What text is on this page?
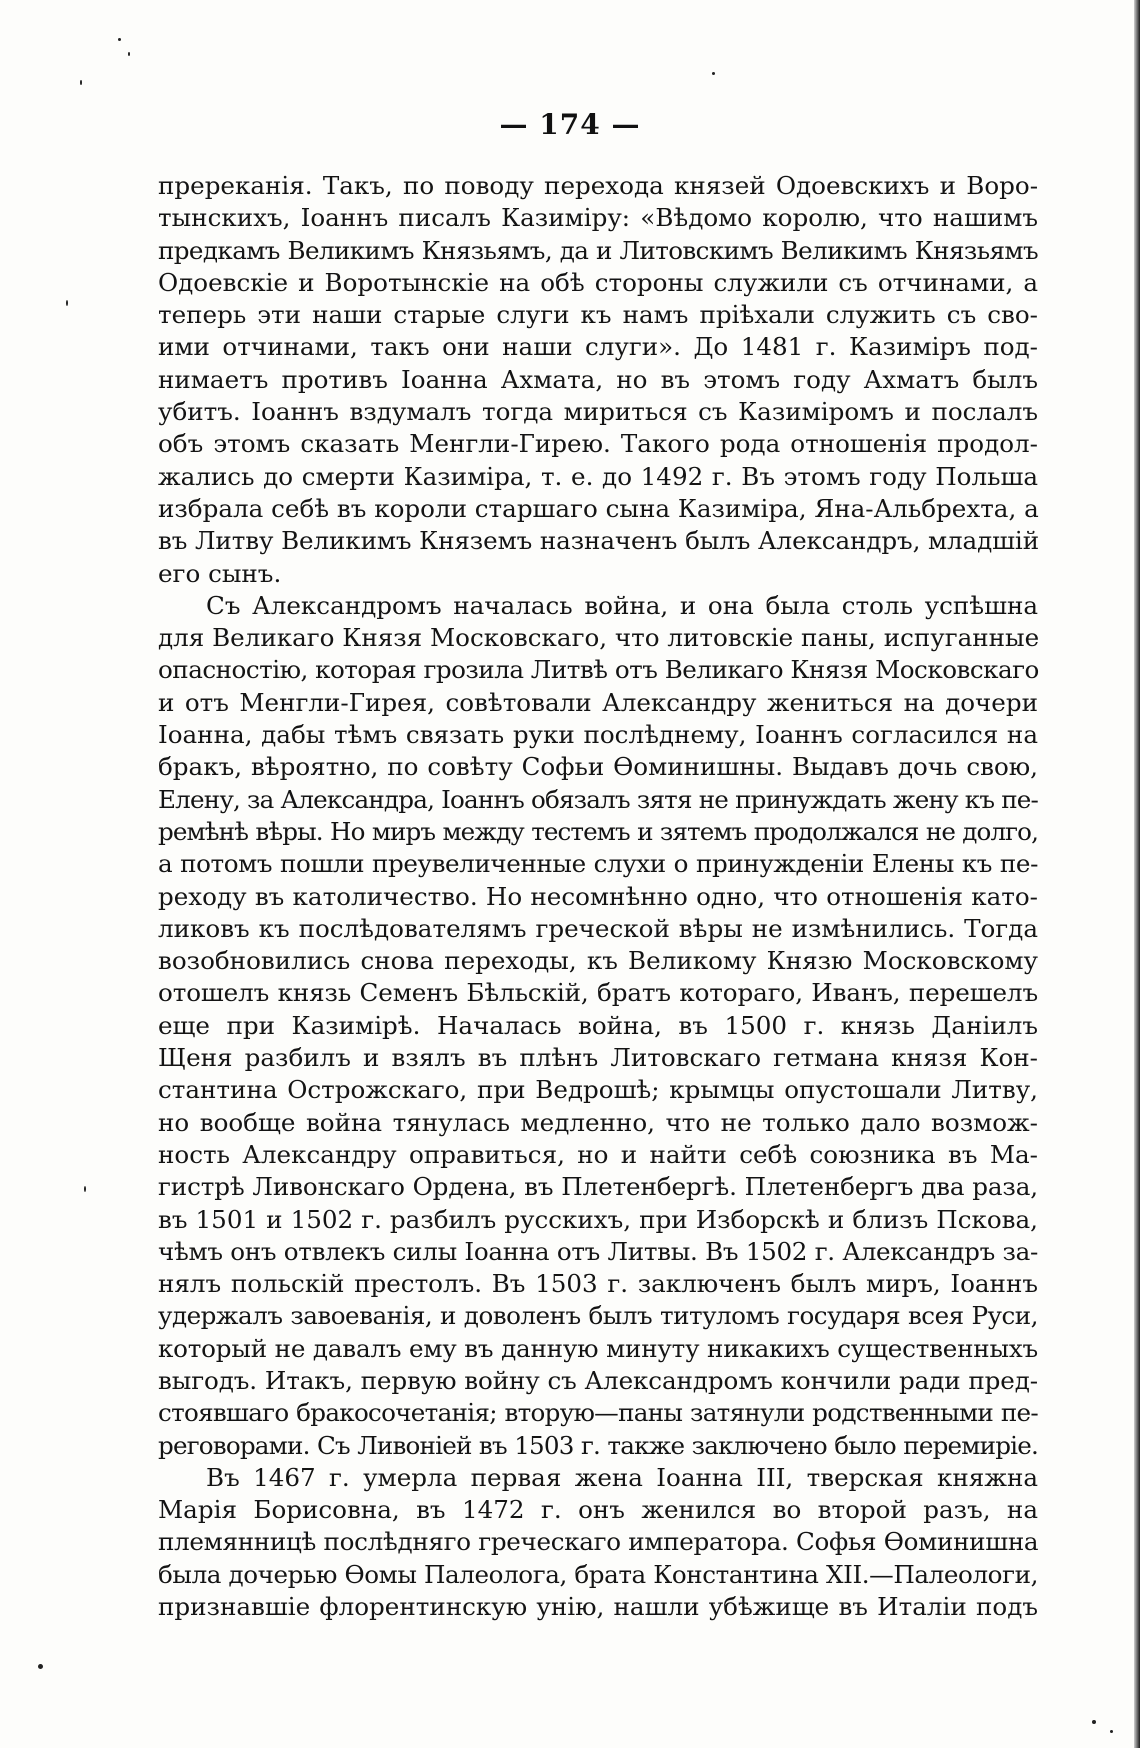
— 174 —
пререканія. Такъ, по поводу перехода князей Одоевскихъ и Воро-
тынскихъ, Іоаннъ писалъ Казиміру: «Вѣдомо королю, что нашимъ
предкамъ Великимъ Князьямъ, да и Литовскимъ Великимъ Князьямъ
Одоевскіе и Воротынскіе на обѣ стороны служили съ отчинами, а
теперь эти наши старые слуги къ намъ пріѣхали служить съ сво-
ими отчинами, такъ они наши слуги». До 1481 г. Казиміръ под-
нимаетъ противъ Іоанна Ахмата, но въ этомъ году Ахматъ былъ
убитъ. Іоаннъ вздумалъ тогда мириться съ Казиміромъ и послалъ
объ этомъ сказать Менгли-Гирею. Такого рода отношенія продол-
жались до смерти Казиміра, т. е. до 1492 г. Въ этомъ году Польша
избрала себѣ въ короли старшаго сына Казиміра, Яна-Альбрехта, а
въ Литву Великимъ Княземъ назначенъ былъ Александръ, младшій
его сынъ.
Съ Александромъ началась война, и она была столь успѣшна
для Великаго Князя Московскаго, что литовскіе паны, испуганные
опасностію, которая грозила Литвѣ отъ Великаго Князя Московскаго
и отъ Менгли-Гирея, совѣтовали Александру жениться на дочери
Іоанна, дабы тѣмъ связать руки послѣднему, Іоаннъ согласился на
бракъ, вѣроятно, по совѣту Софьи Ѳоминишны. Выдавъ дочь свою,
Елену, за Александра, Іоаннъ обязалъ зятя не принуждать жену къ пе-
ремѣнѣ вѣры. Но миръ между тестемъ и зятемъ продолжался не долго,
а потомъ пошли преувеличенные слухи о принужденіи Елены къ пе-
реходу въ католичество. Но несомнѣнно одно, что отношенія като-
ликовъ къ послѣдователямъ греческой вѣры не измѣнились. Тогда
возобновились снова переходы, къ Великому Князю Московскому
отошелъ князь Семенъ Бѣльскій, братъ котораго, Иванъ, перешелъ
еще при Казимірѣ. Началась война, въ 1500 г. князь Даніилъ
Щеня разбилъ и взялъ въ плѣнъ Литовскаго гетмана князя Кон-
стантина Острожскаго, при Ведрошѣ; крымцы опустошали Литву,
но вообще война тянулась медленно, что не только дало возмож-
ность Александру оправиться, но и найти себѣ союзника въ Ма-
гистрѣ Ливонскаго Ордена, въ Плетенбергѣ. Плетенбергъ два раза,
въ 1501 и 1502 г. разбилъ русскихъ, при Изборскѣ и близъ Пскова,
чѣмъ онъ отвлекъ силы Іоанна отъ Литвы. Въ 1502 г. Александръ за-
нялъ польскій престолъ. Въ 1503 г. заключенъ былъ миръ, Іоаннъ
удержалъ завоеванія, и доволенъ былъ титуломъ государя всея Руси,
который не давалъ ему въ данную минуту никакихъ существенныхъ
выгодъ. Итакъ, первую войну съ Александромъ кончили ради пред-
стоявшаго бракосочетанія; вторую—паны затянули родственными пе-
реговорами. Съ Ливоніей въ 1503 г. также заключено было перемиріе.
Въ 1467 г. умерла первая жена Іоанна III, тверская княжна
Марія Борисовна, въ 1472 г. онъ женился во второй разъ, на
племянницѣ послѣдняго греческаго императора. Софья Ѳоминишна
была дочерью Ѳомы Палеолога, брата Константина XII.—Палеологи,
признавшіе флорентинскую унію, нашли убѣжище въ Италіи подъ
